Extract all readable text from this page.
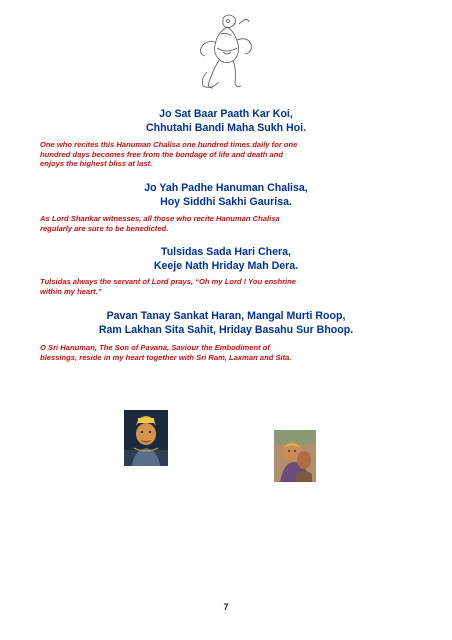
Jo Sat Baar Paath Kar Koi,
Chhutahi Bandi Maha Sukh Hoi.
One who recites this Hanuman Chalisa one hundred times daily for one
hundred days becomes free from the bondage of life and death and
enjoys the highest bliss at last.
Jo Yah Padhe Hanuman Chalisa,
Hoy Siddhi Sakhi Gaurisa.
As Lord Shankar witnesses, all those who recite Hanuman Chalisa
regularly are sure to be benedicted.
Tulsidas Sada Hari Chera,
Keeje Nath Hriday Mah Dera.
Tulsidas always the servant of Lord prays, “Oh my Lord ! You enshrine
within my heart.”
Pavan Tanay Sankat Haran, Mangal Murti Roop,
Ram Lakhan Sita Sahit, Hriday Basahu Sur Bhoop.
O Sri Hanuman, The Son of Pavana, Saviour the Embodiment of
blessings, reside in my heart together with Sri Ram, Laxman and Sita.
7
